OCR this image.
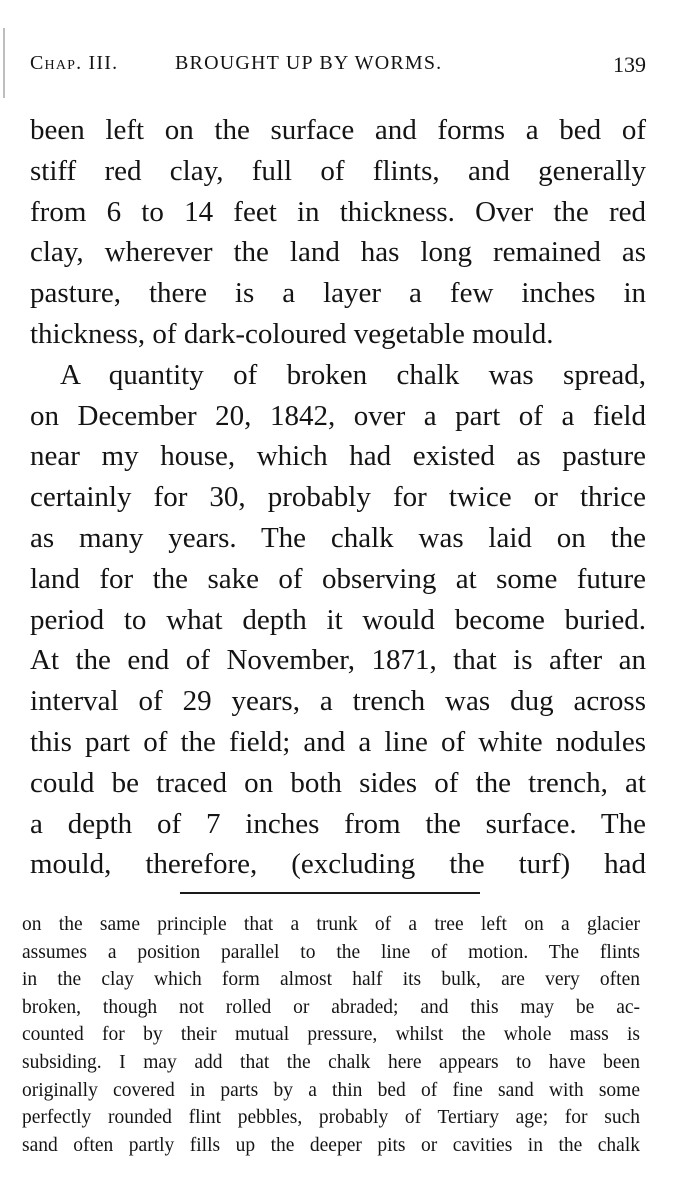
Chap. III.	BROUGHT UP BY WORMS.	139
been left on the surface and forms a bed of
stiff red clay, full of flints, and generally
from 6 to 14 feet in thickness. Over the red
clay, wherever the land has long remained as
pasture, there is a layer a few inches in
thickness, of dark-coloured vegetable mould.
A quantity of broken chalk was spread,
on December 20, 1842, over a part of a field
near my house, which had existed as pasture
certainly for 30, probably for twice or thrice
as many years. The chalk was laid on the
land for the sake of observing at some future
period to what depth it would become buried.
At the end of November, 1871, that is after an
interval of 29 years, a trench was dug across
this part of the field; and a line of white nodules
could be traced on both sides of the trench, at
a depth of 7 inches from the surface. The
mould, therefore, (excluding the turf) had
on the same principle that a trunk of a tree left on a glacier
assumes a position parallel to the line of motion. The flints
in the clay which form almost half its bulk, are very often
broken, though not rolled or abraded; and this may be ac-
counted for by their mutual pressure, whilst the whole mass is
subsiding. I may add that the chalk here appears to have been
originally covered in parts by a thin bed of fine sand with some
perfectly rounded flint pebbles, probably of Tertiary age; for such
sand often partly fills up the deeper pits or cavities in the chalk
